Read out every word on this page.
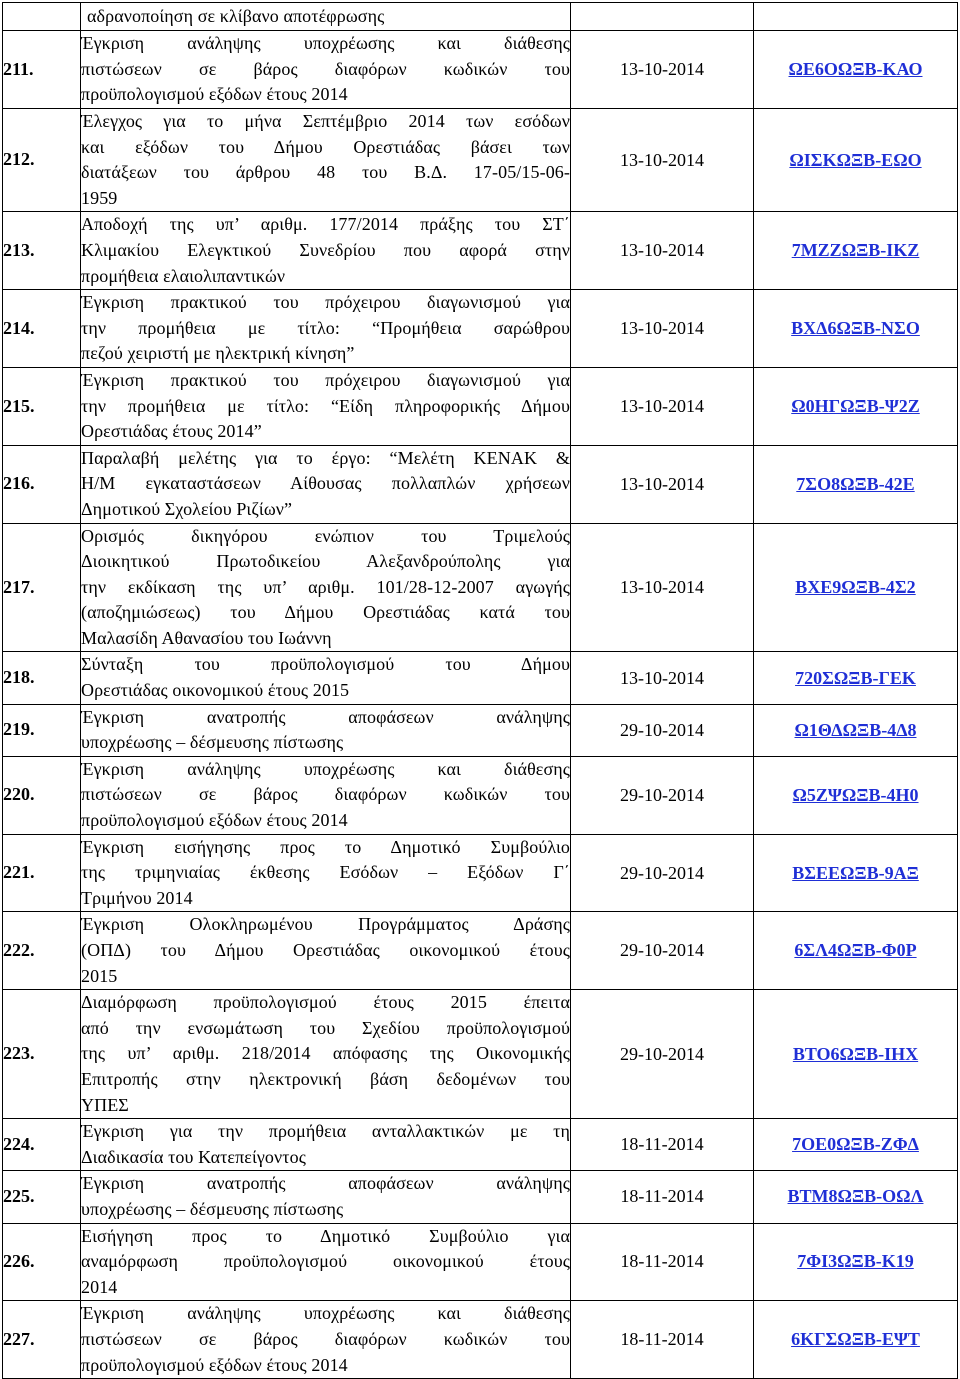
	αδρανοποίηση σε κλίβανο αποτέφρωσης		

211.	Έγκριση ανάληψης υποχρέωσης και διάθεσης
πιστώσεων σε βάρος διαφόρων κωδικών του
προϋπολογισμού εξόδων έτους 2014	13-10-2014	ΩΕ6ΟΩΞΒ-ΚΑΟ
212.	Έλεγχος για το μήνα Σεπτέμβριο 2014 των εσόδων
και εξόδων του Δήμου Ορεστιάδας βάσει των
διατάξεων του άρθρου 48 του Β.Δ. 17-05/15-06-
1959	13-10-2014	ΩΙΣΚΩΞΒ-ΕΩΟ
213.	Αποδοχή της υπ’ αριθμ. 177/2014 πράξης του ΣΤ΄
Κλιμακίου Ελεγκτικού Συνεδρίου που αφορά στην
προμήθεια ελαιολιπαντικών	13-10-2014	7ΜΖΖΩΞΒ-ΙΚΖ
214.	Έγκριση πρακτικού του πρόχειρου διαγωνισμού για
την προμήθεια με τίτλο: “Προμήθεια σαρώθρου
πεζού χειριστή με ηλεκτρική κίνηση”	13-10-2014	ΒΧΔ6ΩΞΒ-ΝΣΟ
215.	Έγκριση πρακτικού του πρόχειρου διαγωνισμού για
την προμήθεια με τίτλο: “Είδη πληροφορικής Δήμου
Ορεστιάδας έτους 2014”	13-10-2014	Ω0ΗΓΩΞΒ-Ψ2Ζ
216.	Παραλαβή μελέτης για το έργο: “Μελέτη ΚΕΝΑΚ &
Η/Μ εγκαταστάσεων Αίθουσας πολλαπλών χρήσεων
Δημοτικού Σχολείου Ριζίων”	13-10-2014	7ΣΟ8ΩΞΒ-42Ε
217.	Ορισμός δικηγόρου ενώπιον του Τριμελούς
Διοικητικού Πρωτοδικείου Αλεξανδρούπολης για
την εκδίκαση της υπ’ αριθμ. 101/28-12-2007 αγωγής
(αποζημιώσεως) του Δήμου Ορεστιάδας κατά του
Μαλασίδη Αθανασίου του Ιωάννη	13-10-2014	ΒΧΕ9ΩΞΒ-4Σ2
218.	Σύνταξη του προϋπολογισμού του Δήμου
Ορεστιάδας οικονομικού έτους 2015	13-10-2014	720ΣΩΞΒ-ΓΕΚ
219.	Έγκριση ανατροπής αποφάσεων ανάληψης
υποχρέωσης – δέσμευσης πίστωσης	29-10-2014	Ω1ΘΔΩΞΒ-4Δ8
220.	Έγκριση ανάληψης υποχρέωσης και διάθεσης
πιστώσεων σε βάρος διαφόρων κωδικών του
προϋπολογισμού εξόδων έτους 2014	29-10-2014	Ω5ΖΨΩΞΒ-4Η0
221.	Έγκριση εισήγησης προς το Δημοτικό Συμβούλιο
της τριμηνιαίας έκθεσης Εσόδων – Εξόδων Γ΄
Τριμήνου 2014	29-10-2014	ΒΣΕΕΩΞΒ-9ΑΞ
222.	Έγκριση Ολοκληρωμένου Προγράμματος Δράσης
(ΟΠΔ) του Δήμου Ορεστιάδας οικονομικού έτους
2015	29-10-2014	6ΣΛ4ΩΞΒ-Φ0Ρ
223.	Διαμόρφωση προϋπολογισμού έτους 2015 έπειτα
από την ενσωμάτωση του Σχεδίου προϋπολογισμού
της υπ’ αριθμ. 218/2014 απόφασης της Οικονομικής
Επιτροπής στην ηλεκτρονική βάση δεδομένων του
ΥΠΕΣ	29-10-2014	ΒΤΟ6ΩΞΒ-ΙΗΧ
224.	Έγκριση για την προμήθεια ανταλλακτικών με τη
Διαδικασία του Κατεπείγοντος	18-11-2014	7ΟΕ0ΩΞΒ-ΖΦΔ
225.	Έγκριση ανατροπής αποφάσεων ανάληψης
υποχρέωσης – δέσμευσης πίστωσης	18-11-2014	ΒΤΜ8ΩΞΒ-ΟΩΛ
226.	Εισήγηση προς το Δημοτικό Συμβούλιο για
αναμόρφωση προϋπολογισμού οικονομικού έτους
2014	18-11-2014	7ΦΙ3ΩΞΒ-Κ19
227.	Έγκριση ανάληψης υποχρέωσης και διάθεσης
πιστώσεων σε βάρος διαφόρων κωδικών του
προϋπολογισμού εξόδων έτους 2014	18-11-2014	6ΚΓΣΩΞΒ-ΕΨΤ
